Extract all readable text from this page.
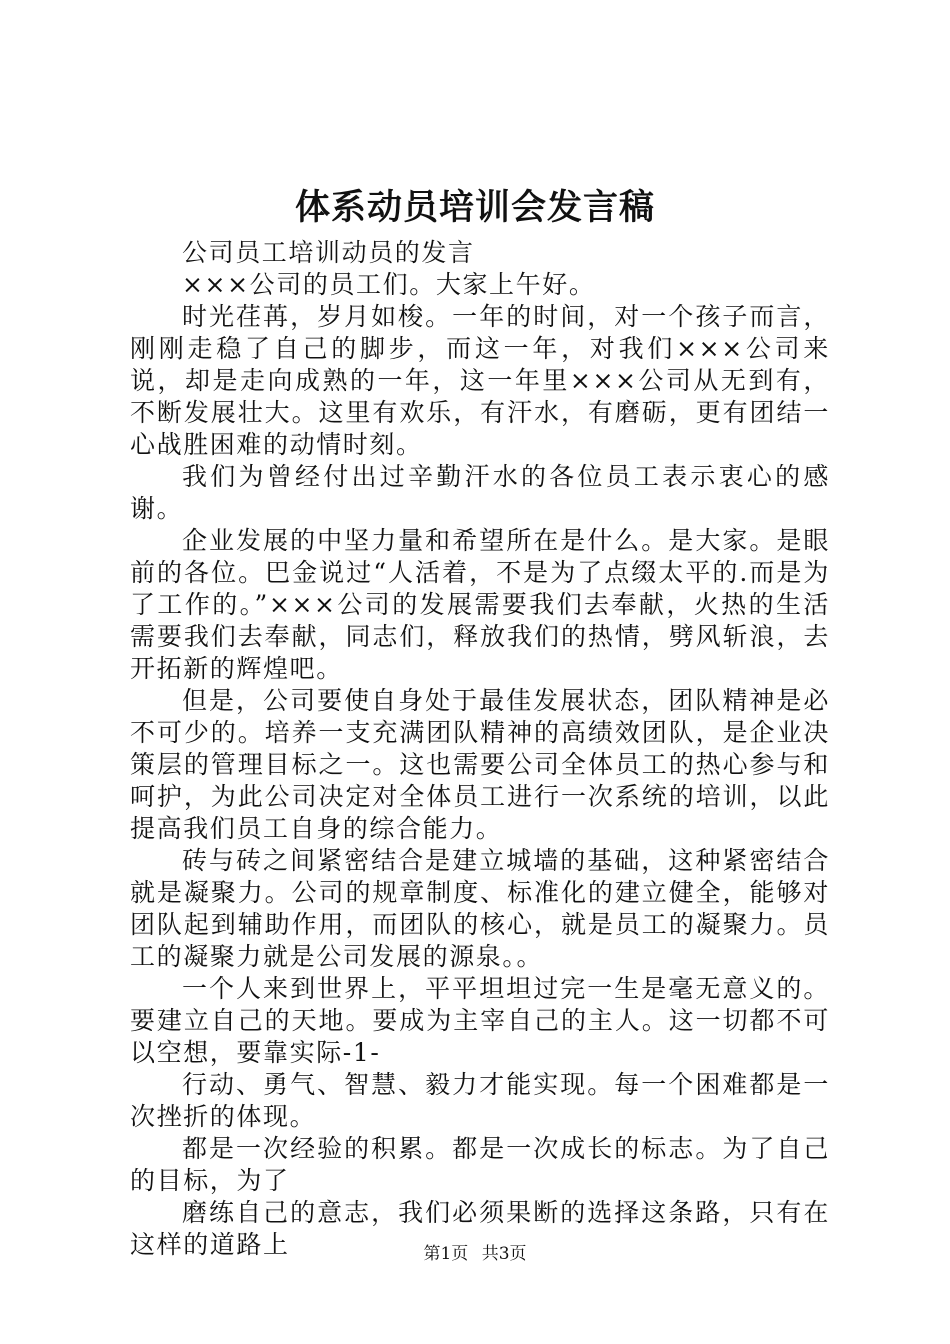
体系动员培训会发言稿

公司员工培训动员的发言

×××公司的员工们。大家上午好。

时光荏苒，岁月如梭。一年的时间，对一个孩子而言，刚刚走稳了自己的脚步，而这一年，对我们×××公司来说，却是走向成熟的一年，这一年里×××公司从无到有，不断发展壮大。这里有欢乐，有汗水，有磨砺，更有团结一心战胜困难的动情时刻。

我们为曾经付出过辛勤汗水的各位员工表示衷心的感谢。

企业发展的中坚力量和希望所在是什么。是大家。是眼前的各位。巴金说过“人活着，不是为了点缀太平的.而是为了工作的。”×××公司的发展需要我们去奉献，火热的生活需要我们去奉献，同志们，释放我们的热情，劈风斩浪，去开拓新的辉煌吧。

但是，公司要使自身处于最佳发展状态，团队精神是必不可少的。培养一支充满团队精神的高绩效团队，是企业决策层的管理目标之一。这也需要公司全体员工的热心参与和呵护，为此公司决定对全体员工进行一次系统的培训，以此提高我们员工自身的综合能力。

砖与砖之间紧密结合是建立城墙的基础，这种紧密结合就是凝聚力。公司的规章制度、标准化的建立健全，能够对团队起到辅助作用，而团队的核心，就是员工的凝聚力。员工的凝聚力就是公司发展的源泉。。

一个人来到世界上，平平坦坦过完一生是毫无意义的。要建立自己的天地。要成为主宰自己的主人。这一切都不可以空想，要靠实际-1-

行动、勇气、智慧、毅力才能实现。每一个困难都是一次挫折的体现。

都是一次经验的积累。都是一次成长的标志。为了自己的目标，为了

磨练自己的意志，我们必须果断的选择这条路，只有在这样的道路上	第1页 共3页
